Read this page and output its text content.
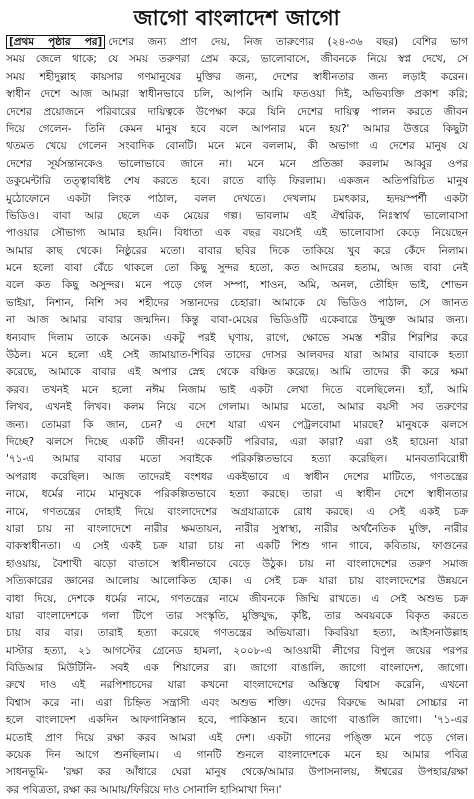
জাগো বাংলাদেশ জাগো
[প্রথম পৃষ্ঠার পর] দেশের জন্য প্রাণ দেয়, নিজ তারুণ্যের (২৪-৩৬ বছর) বেশির ভাগ
সময় জেলে থাকে; যে সময় তরুণরা প্রেম করে, ভালোবাসে, জীবনকে নিয়ে স্বপ্ন দেখে, সে
সময় শহীদুল্লাহ কায়সার গণমানুষের মুক্তির জন্য, দেশের স্বাধীনতার জন্য লড়াই করেন।
স্বাধীন দেশে আজ আমরা স্বাধীনভাবে চলি, আপনি আমি ফতওয়া দিই, অভিব্যক্তি প্রকাশ করি;
দেশের প্রয়োজনে পরিবারের দায়িত্বকে উপেক্ষা করে যিনি দেশের দায়িত্ব পালন করতে জীবন
দিয়ে গেলেন- তিনি কেমন মানুষ হবে বলে আপনার মনে হয়?' আমার উত্তরে কিছুটা
থতমত খেয়ে গেলেন সংবাদিক বোনটি। মনে মনে বললাম, কী অভাগা এ দেশের মানুষ যে
দেশের সূর্যসন্তানকেও ভালোভাবে জানে না। মনে মনে প্রতিজ্ঞা করলাম আব্বুর ওপর
ডকুমেন্টারি তত্ত্বাবধিষ্ট শেষ করতে হবে। রাতে বাড়ি ফিরলাম। একজন অতিপরিচিত মানুষ
মুঠোফোনে একটা লিংক পাঠাল, বলল দেখতে। দেখলাম চমৎকার, হৃদয়স্পর্শী একটা
ভিডিও। বাবা আর ছেলে এক মেয়ের গল্প। ভাবলাম এই ঐশ্বরিক, নিঃস্বার্থ ভালোবাসা
পাওয়ার সৌভাগ্য আমার হয়নি। বিধাতা এক বছর বয়সেই এই ভালোবাসা কেড়ে নিয়েছেন
আমার কাছ থেকে। নিষ্ঠুরের মতো। বাবার ছবির দিকে তাকিয়ে খুব করে কেঁদে নিলাম।
মনে হলো বাবা বেঁচে থাকলে তো কিছু সুন্দর হতো, কত আদরের হতাম, আজ বাবা নেই
বলে কত কিছু অসুন্দর। মনে পড়ে গেল সম্পা, শাওন, অমি, অনল, তৌহিদ ভাই, শোভন
ভাইয়া, নিশান, নিশি সব শহীদের সন্তানদের চেহারা। আমাকে যে ভিডিও পাঠাল, সে জানত
না আজ আমার বাবার জন্মদিন। কিন্তু বাবা-মেয়ের ভিডিওটি একেবারে উন্মুক্ত আমার জন্য।
ধন্যবাদ দিলাম তাকে অনেক। একটু পরই ঘৃণায়, রাগে, ক্ষোভে সমস্ত শরীর শিরশির করে
উঠল। মনে হলো এই সেই জামায়াত-শিবির তাদের দোসর আলবদর যারা আমার বাবাকে হত্যা
করেছে, আমাকে বাবার এই অপার স্নেহ থেকে বঞ্চিত করেছে। আমি তাদের কী করে ক্ষমা
করব। তখনই মনে হলো নঈম নিজাম ভাই একটা লেখা দিতে বলেছিলেন। হ্যাঁ, আমি
লিখব, এখনই লিখব। কলম নিয়ে বসে গেলাম। আমার মতো, আমার বয়সী সব তরুণের
জন্য। তোমরা কি জান, চেন? এ দেশে যারা এখন পেট্রলবোমা মারছে? মানুষকে ঝলসে
দিচ্ছে? ঝলসে দিচ্ছে একটি জীবন! একেকটি পরিবার, এরা কারা? এরা ওই হায়েনা যারা
'৭১-এ আমার বাবার মতো সবাইকে পরিকল্পিতভাবে হত্যা করেছিল। মানবতাবিরোধী
অপরাধ করেছিল। আজ তাদেরই বংশধর একইভাবে এ স্বাধীন দেশের মাটিতে, গণতন্ত্রের
নামে, ধর্মের নামে মানুষকে পরিকল্পিতভাবে হত্যা করছে। তারা এ স্বাধীন দেশে স্বাধীনতার
নামে, গণতন্ত্রের দোহাই দিয়ে বাংলাদেশের অগ্রযাত্রাকে রোধ করছে। এ সেই একই চক্র
যারা চায় না বাংলাদেশে নারীর ক্ষমতায়ন, নারীর সুস্বাস্থ্য, নারীর অর্থনৈতিক মুক্তি, নারীর
বাকস্বাধীনতা। এ সেই একই চক্র যারা চায় না একটি শিশু গান গাবে, কবিতায়, ফাগুনের
হাওয়ায়, বৈশাখী ঝড়ো বাতাসে স্বাধীনভাবে বেড়ে উঠুক। চায় না বাংলাদেশের তরুণ সমাজ
সত্যিকারের জ্ঞানের আলোয় আলোকিত হোক। এ সেই চক্র যারা চায় বাংলাদেশের উন্নয়নে
বাধা দিয়ে, দেশকে ধর্মের নামে, গণতন্ত্রের নামে জীবনকে জিম্মি রাখতে। এ সেই অশুভ চক্র
যারা বাংলাদেশকে গলা টিপে তার সংস্কৃতি, মুক্তিযুদ্ধ, কৃষ্টি, তার অবয়বকে বিকৃত করতে
চায় বার বার। তারাই হত্যা করেছে গণতন্ত্রের অভিযাত্রা। কিবরিয়া হত্যা, আইসনাউল্লাহ
মাস্টার হত্যা, ২১ আগস্টের গ্রেনেড হামলা, ২০০৮-এ আওয়ামী লীগের বিপুল জয়ের পরপর
বিডিআর মিউটিনি- সবই এক শিয়ালের রা। জাগো বাঙালি, জাগো বাংলাদেশ, জাগো।
রুখে দাও এই নরপিশাচদের যারা কখনো বাংলাদেশের অস্তিত্বে বিশ্বাস করেনি, এখনো
বিশ্বাস করে না। এরা চিহ্নিত সন্ত্রাসী এবং অশুভ শক্তি। এদের বিরুদ্ধে আমরা সোচ্চার না
হলে বাংলাদেশ একদিন আফগানিস্তান হবে, পাকিস্তান হবে। জাগো বাঙালি জাগো। '৭১-এর
মতোই প্রাণ দিয়ে রক্ষা করব আমরা এই দেশ। একটা গানের পঙ্ক্তি মনে পড়ে গেল।
কয়েক দিন আগে শুনছিলাম। এ গানটি শুনলে বাংলাদেশকে মনে হয় আমার পবিত্র
সাধনভূমি- 'রক্ষা কর আঁধারে ঘেরা মানুষ থেকে/আমার উপাসনালয়, ঈশ্বরের উপহার/রক্ষা
কর পবিত্রতা, রক্ষা কর আমায়/ফিরিয়ে দাও সোনালি হাসিমাখা দিন।'
